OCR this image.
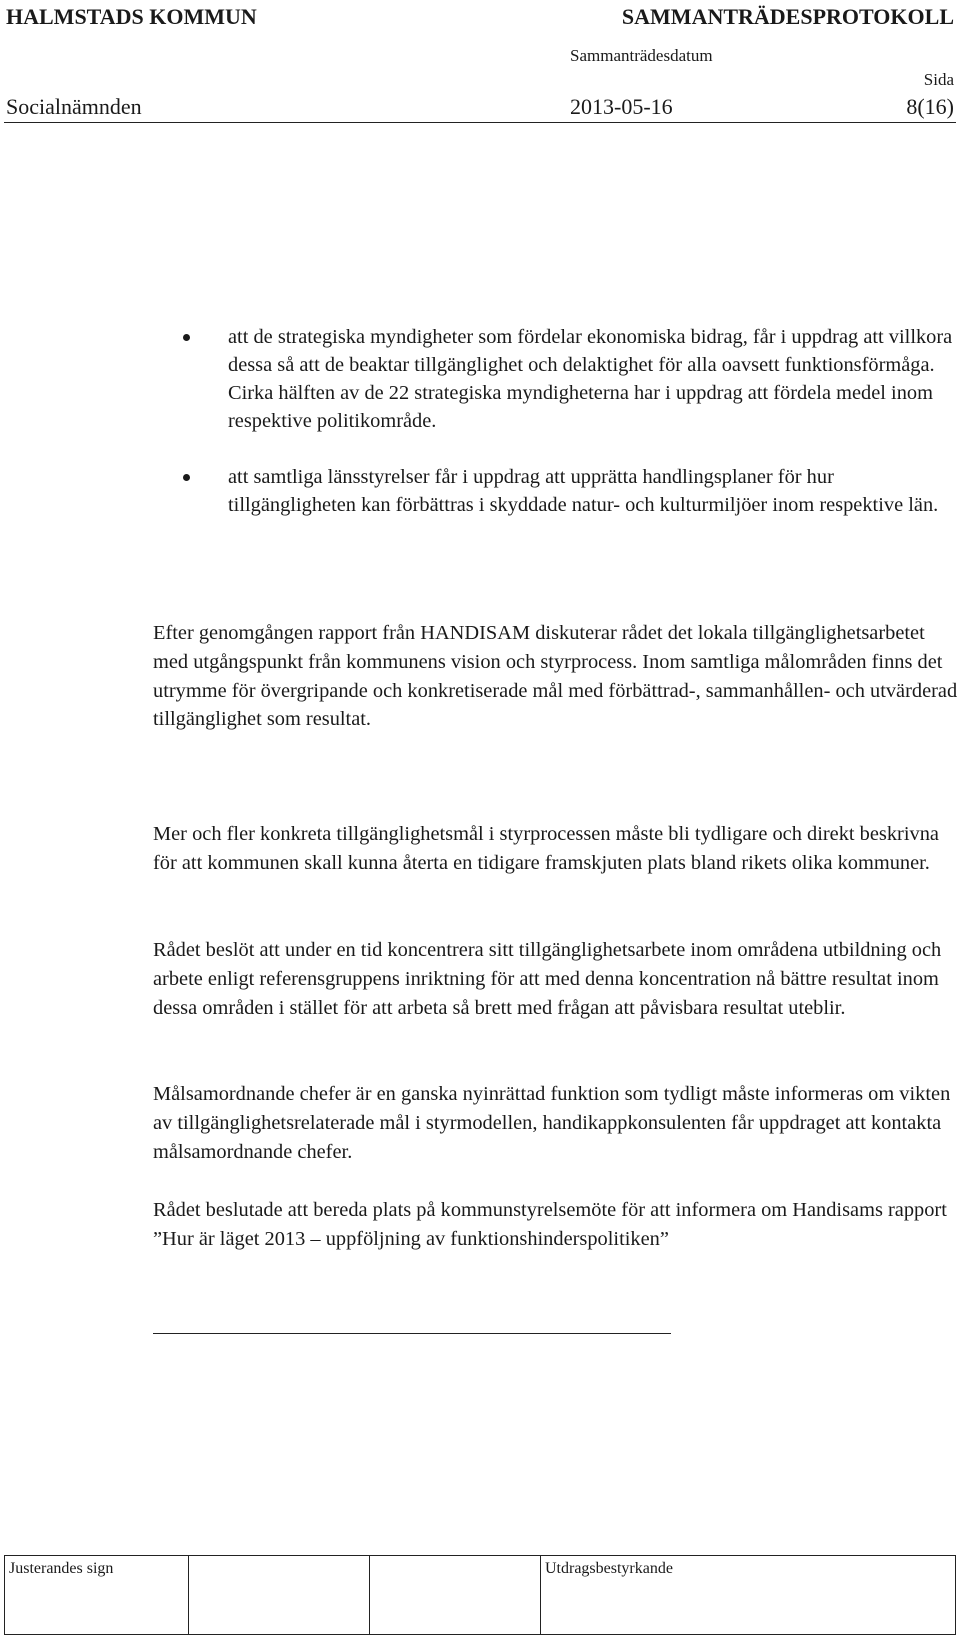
HALMSTADS KOMMUN	SAMMANTRÄDESPROTOKOLL
Sammanträdesdatum
Sida
Socialnämnden	2013-05-16	8(16)
att de strategiska myndigheter som fördelar ekonomiska bidrag, får i uppdrag att villkora dessa så att de beaktar tillgänglighet och delaktighet för alla oavsett funktionsförmåga. Cirka hälften av de 22 strategiska myndigheterna har i uppdrag att fördela medel inom respektive politikområde.
att samtliga länsstyrelser får i uppdrag att upprätta handlingsplaner för hur tillgängligheten kan förbättras i skyddade natur- och kulturmiljöer inom respektive län.

Efter genomgången rapport från HANDISAM diskuterar rådet det lokala tillgänglighetsarbetet med utgångspunkt från kommunens vision och styrprocess. Inom samtliga målområden finns det utrymme för övergripande och konkretiserade mål med förbättrad-, sammanhållen- och utvärderad tillgänglighet som resultat.

Mer och fler konkreta tillgänglighetsmål i styrprocessen måste bli tydligare och direkt beskrivna för att kommunen skall kunna återta en tidigare framskjuten plats bland rikets olika kommuner.

Rådet beslöt att under en tid koncentrera sitt tillgänglighetsarbete inom områdena utbildning och arbete enligt referensgruppens inriktning för att med denna koncentration nå bättre resultat inom dessa områden i stället för att arbeta så brett med frågan att påvisbara resultat uteblir.

Målsamordnande chefer är en ganska nyinrättad funktion som tydligt måste informeras om vikten av tillgänglighetsrelaterade mål i styrmodellen, handikappkonsulenten får uppdraget att kontakta målsamordnande chefer.

Rådet beslutade att bereda plats på kommunstyrelsemöte för att informera om Handisams rapport ”Hur är läget 2013 – uppföljning av funktionshinderspolitiken”

Justerandes sign			Utdragsbestyrkande
